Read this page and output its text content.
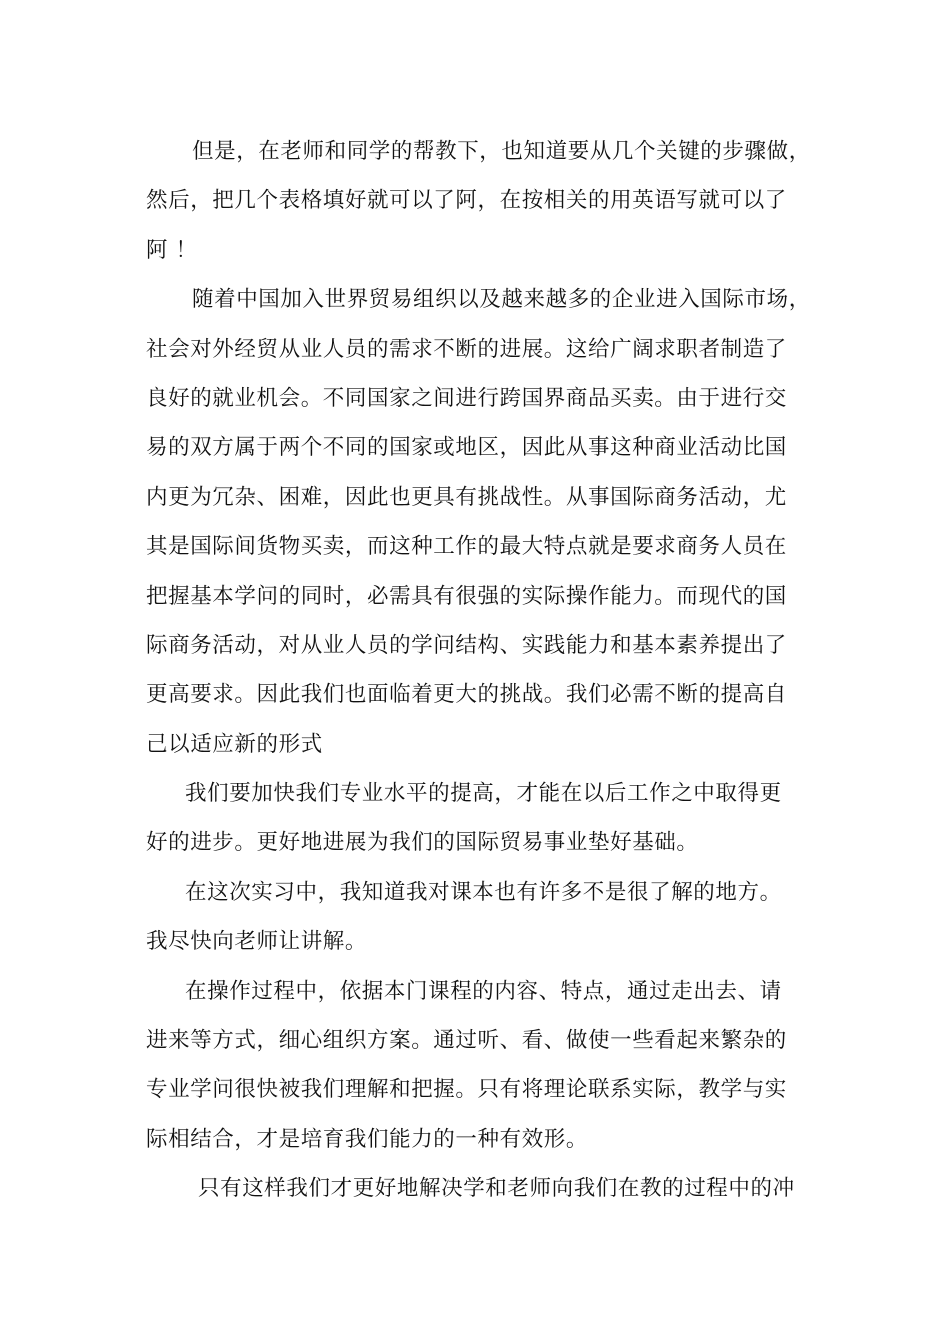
但是，在老师和同学的帮教下，也知道要从几个关键的步骤做，
然后，把几个表格填好就可以了阿，在按相关的用英语写就可以了
阿 ！
随着中国加入世界贸易组织以及越来越多的企业进入国际市场，
社会对外经贸从业人员的需求不断的进展。这给广阔求职者制造了
良好的就业机会。不同国家之间进行跨国界商品买卖。由于进行交
易的双方属于两个不同的国家或地区，因此从事这种商业活动比国
内更为冗杂、困难，因此也更具有挑战性。从事国际商务活动，尤
其是国际间货物买卖，而这种工作的最大特点就是要求商务人员在
把握基本学问的同时，必需具有很强的实际操作能力。而现代的国
际商务活动，对从业人员的学问结构、实践能力和基本素养提出了
更高要求。因此我们也面临着更大的挑战。我们必需不断的提高自
己以适应新的形式
我们要加快我们专业水平的提高，才能在以后工作之中取得更
好的进步。更好地进展为我们的国际贸易事业垫好基础。
在这次实习中，我知道我对课本也有许多不是很了解的地方。
我尽快向老师让讲解。
在操作过程中，依据本门课程的内容、特点，通过走出去、请
进来等方式，细心组织方案。通过听、看、做使一些看起来繁杂的
专业学问很快被我们理解和把握。只有将理论联系实际，教学与实
际相结合，才是培育我们能力的一种有效形。
只有这样我们才更好地解决学和老师向我们在教的过程中的冲
